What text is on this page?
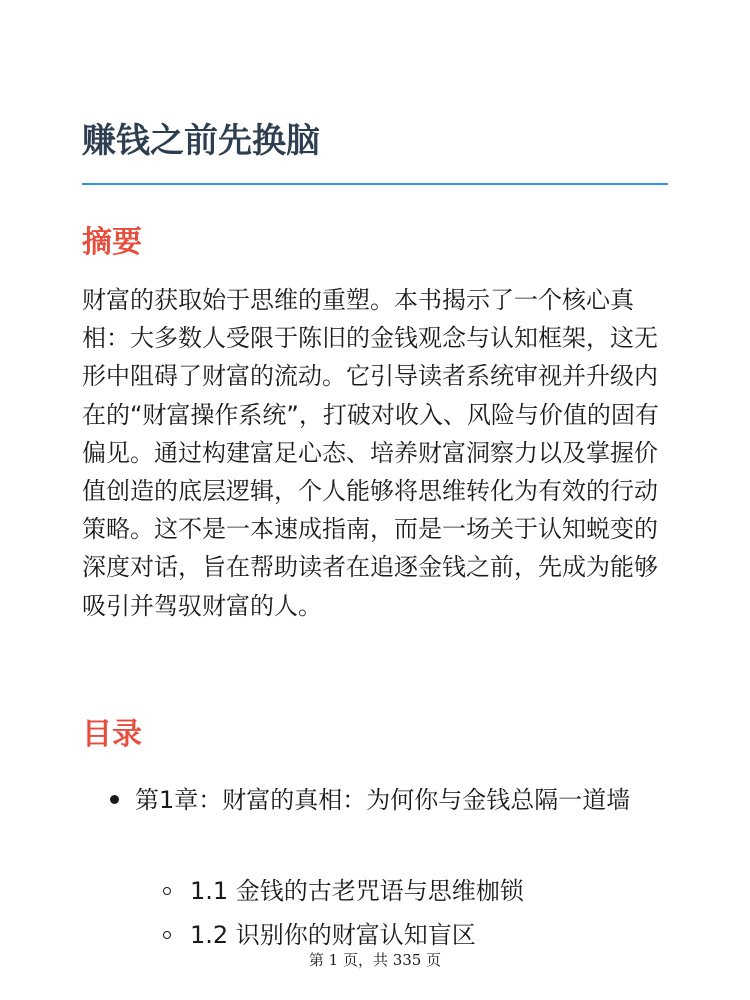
赚钱之前先换脑
摘要

财富的获取始于思维的重塑。本书揭示了一个核心真相：大多数人受限于陈旧的金钱观念与认知框架，这无形中阻碍了财富的流动。它引导读者系统审视并升级内在的“财富操作系统”，打破对收入、风险与价值的固有偏见。通过构建富足心态、培养财富洞察力以及掌握价值创造的底层逻辑，个人能够将思维转化为有效的行动策略。这不是一本速成指南，而是一场关于认知蜕变的深度对话，旨在帮助读者在追逐金钱之前，先成为能够吸引并驾驭财富的人。

目录
第1章：财富的真相：为何你与金钱总隔一道墙
1.1 金钱的古老咒语与思维枷锁
1.2 识别你的财富认知盲区
第 1 页，共 335 页
